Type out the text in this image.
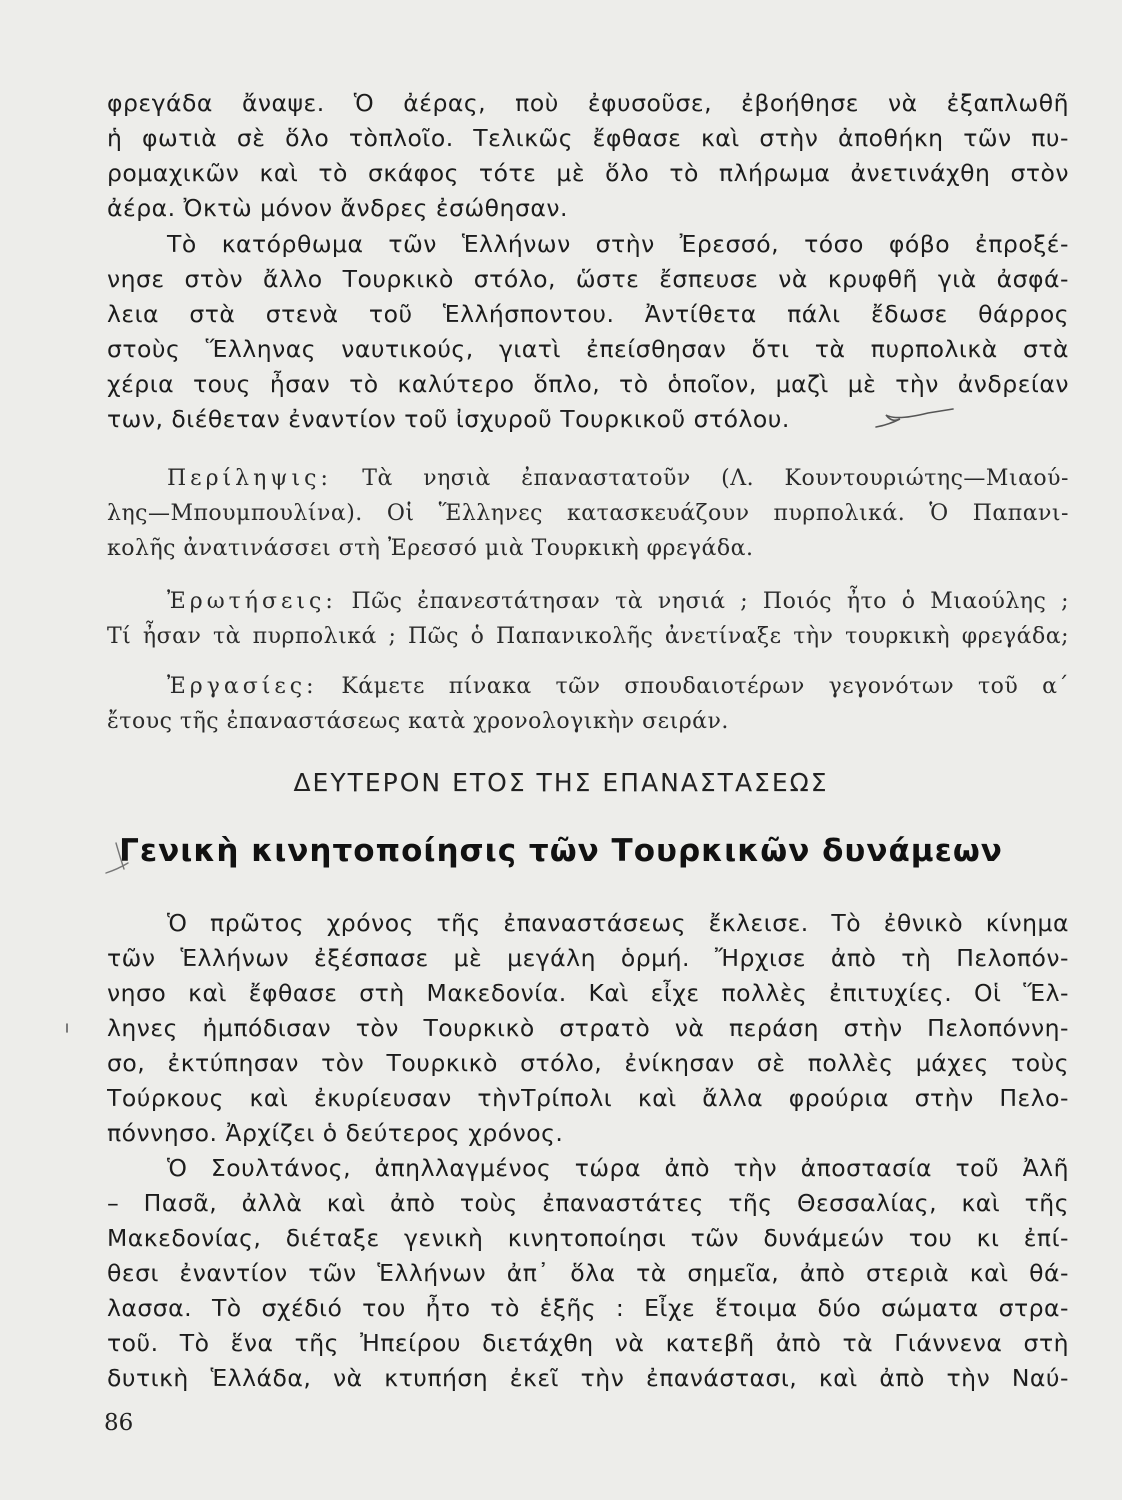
φρεγάδα ἄναψε. Ὁ ἀέρας, ποὺ ἐφυσοῦσε, ἐβοήθησε νὰ ἐξαπλωθῆ
ἡ φωτιὰ σὲ ὅλο τὸπλοῖο. Τελικῶς ἔφθασε καὶ στὴν ἀποθήκη τῶν πυ-
ρομαχικῶν καὶ τὸ σκάφος τότε μὲ ὅλο τὸ πλήρωμα ἀνετινάχθη στὸν
ἀέρα. Ὀκτὼ μόνον ἄνδρες ἐσώθησαν.
Τὸ κατόρθωμα τῶν Ἑλλήνων στὴν Ἐρεσσό, τόσο φόβο ἐπροξέ-
νησε στὸν ἄλλο Τουρκικὸ στόλο, ὥστε ἔσπευσε νὰ κρυφθῆ γιὰ ἀσφά-
λεια στὰ στενὰ τοῦ Ἑλλήσποντου. Ἀντίθετα πάλι ἔδωσε θάρρος
στοὺς Ἕλληνας ναυτικούς, γιατὶ ἐπείσθησαν ὅτι τὰ πυρπολικὰ στὰ
χέρια τους ἦσαν τὸ καλύτερο ὅπλο, τὸ ὁποῖον, μαζὶ μὲ τὴν ἀνδρείαν
των, διέθεταν ἐναντίον τοῦ ἰσχυροῦ Τουρκικοῦ στόλου.
Περίληψις: Τὰ νησιὰ ἐπαναστατοῦν (Λ. Κουντουριώτης—Μιαού-
λης—Μπουμπουλίνα). Οἱ Ἕλληνες κατασκευάζουν πυρπολικά. Ὁ Παπανι-
κολῆς ἀνατινάσσει στὴ Ἐρεσσό μιὰ Τουρκικὴ φρεγάδα.
Ἐρωτήσεις: Πῶς ἐπανεστάτησαν τὰ νησιά ; Ποιός ἦτο ὁ Μιαούλης ;
Τί ἦσαν τὰ πυρπολικά ; Πῶς ὁ Παπανικολῆς ἀνετίναξε τὴν τουρκικὴ φρεγάδα;
Ἐργασίες: Κάμετε πίνακα τῶν σπουδαιοτέρων γεγονότων τοῦ α΄
ἔτους τῆς ἐπαναστάσεως κατὰ χρονολογικὴν σειράν.
ΔΕΥΤΕΡΟΝ ΕΤΟΣ ΤΗΣ ΕΠΑΝΑΣΤΑΣΕΩΣ
Γενικὴ κινητοποίησις τῶν Τουρκικῶν δυνάμεων
Ὁ πρῶτος χρόνος τῆς ἐπαναστάσεως ἔκλεισε. Τὸ ἐθνικὸ κίνημα
τῶν Ἑλλήνων ἐξέσπασε μὲ μεγάλη ὁρμή. Ἤρχισε ἀπὸ τὴ Πελοπόν-
νησο καὶ ἔφθασε στὴ Μακεδονία. Καὶ εἶχε πολλὲς ἐπιτυχίες. Οἱ Ἕλ-
ληνες ἠμπόδισαν τὸν Τουρκικὸ στρατὸ νὰ περάση στὴν Πελοπόννη-
σο, ἐκτύπησαν τὸν Τουρκικὸ στόλο, ἐνίκησαν σὲ πολλὲς μάχες τοὺς
Τούρκους καὶ ἐκυρίευσαν τὴνΤρίπολι καὶ ἄλλα φρούρια στὴν Πελο-
πόννησο. Ἀρχίζει ὁ δεύτερος χρόνος.
Ὁ Σουλτάνος, ἀπηλλαγμένος τώρα ἀπὸ τὴν ἀποστασία τοῦ Ἀλῆ
– Πασᾶ, ἀλλὰ καὶ ἀπὸ τοὺς ἐπαναστάτες τῆς Θεσσαλίας, καὶ τῆς
Μακεδονίας, διέταξε γενικὴ κινητοποίησι τῶν δυνάμεών του κι ἐπί-
θεσι ἐναντίον τῶν Ἑλλήνων ἀπ᾿ ὅλα τὰ σημεῖα, ἀπὸ στεριὰ καὶ θά-
λασσα. Τὸ σχέδιό του ἦτο τὸ ἑξῆς : Εἶχε ἕτοιμα δύο σώματα στρα-
τοῦ. Τὸ ἕνα τῆς Ἠπείρου διετάχθη νὰ κατεβῆ ἀπὸ τὰ Γιάννενα στὴ
δυτικὴ Ἑλλάδα, νὰ κτυπήση ἐκεῖ τὴν ἐπανάστασι, καὶ ἀπὸ τὴν Ναύ-
86
